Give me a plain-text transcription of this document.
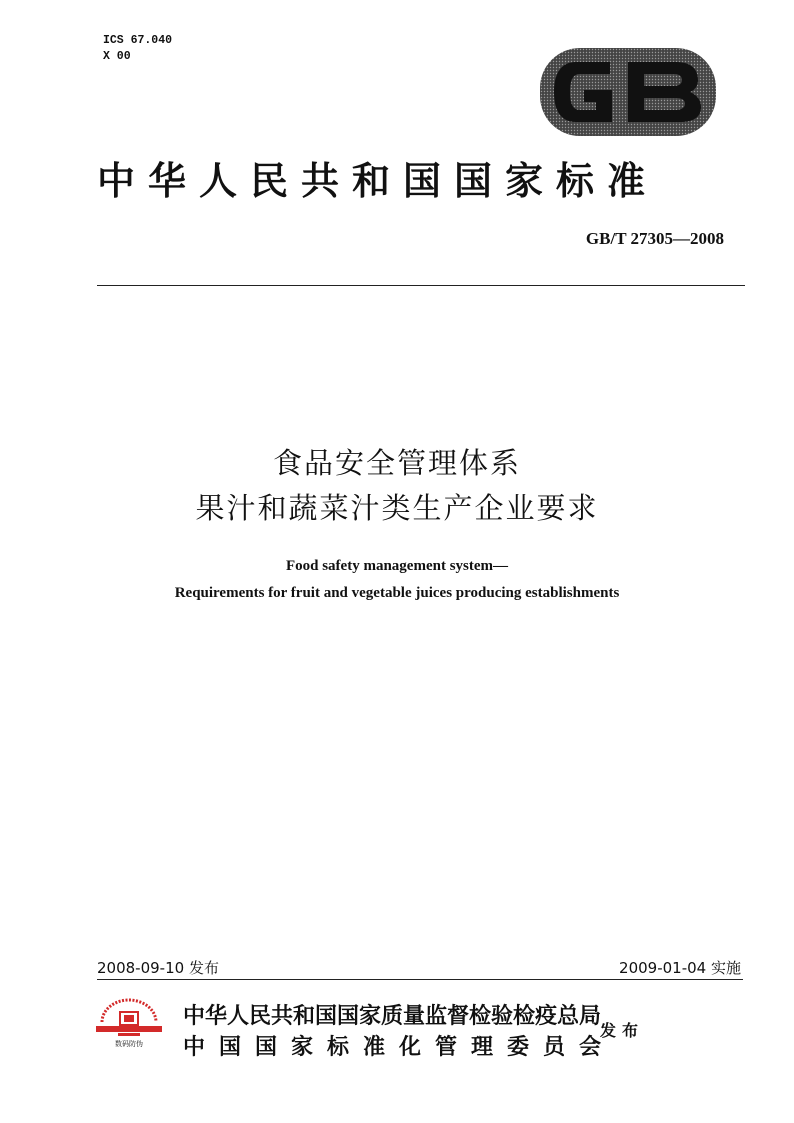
ICS 67.040
X 00
中华人民共和国国家标准
GB/T 27305—2008
食品安全管理体系
果汁和蔬菜汁类生产企业要求
Food safety management system—
Requirements for fruit and vegetable juices producing establishments
2008-09-10 发布	2009-01-04 实施
数码防伪
中华人民共和国国家质量监督检验检疫总局
中国国家标准化管理委员会
发布
